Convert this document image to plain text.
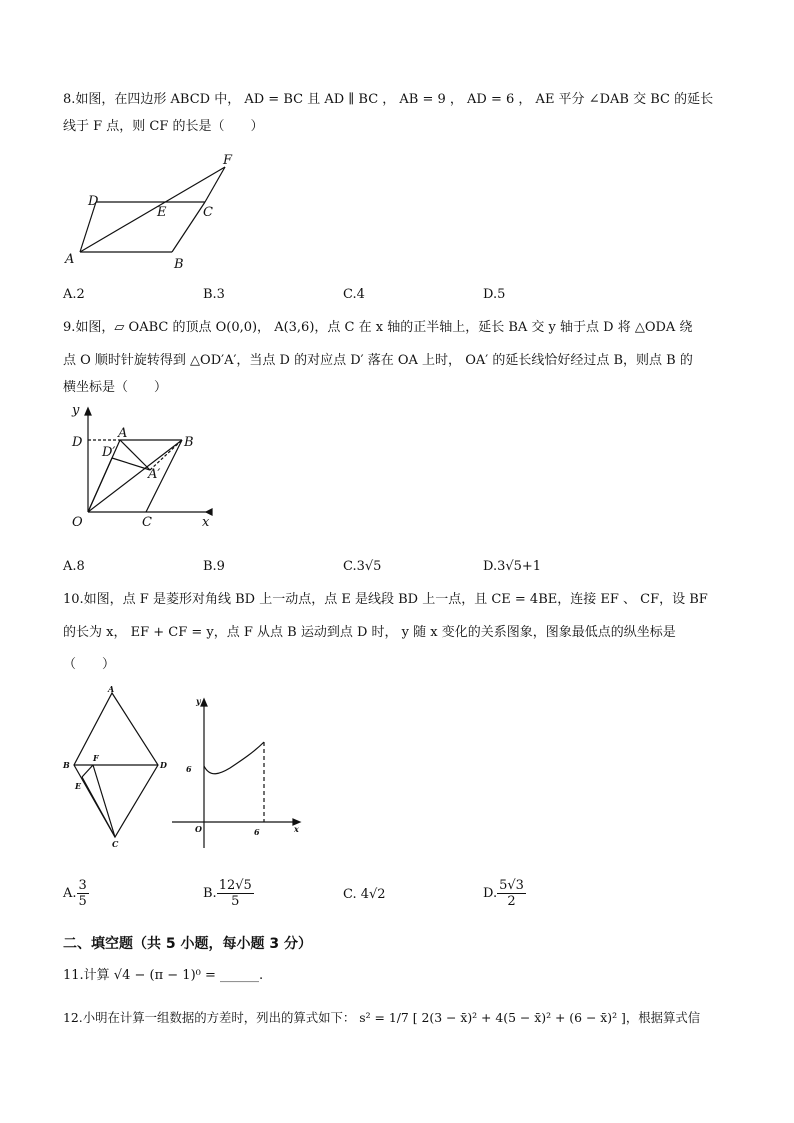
8.如图，在四边形 ABCD 中， AD = BC 且 AD ∥ BC ， AB = 9 ， AD = 6 ， AE 平分 ∠DAB 交 BC 的延长
线于 F 点，则 CF 的长是（　　）
F
D
E	C
A	B
A.2	B.3	C.4	D.5
9.如图，▱ OABC 的顶点 O(0,0)， A(3,6)，点 C 在 x 轴的正半轴上，延长 BA 交 y 轴于点 D 将 △ODA 绕
点 O 顺时针旋转得到 △OD′A′，当点 D 的对应点 D′ 落在 OA 上时， OA′ 的延长线恰好经过点 B，则点 B 的
横坐标是（　　）
y
D
A
B
D′
A′
O	C	x
A.8	B.9	C.3√5	D.3√5+1
10.如图，点 F 是菱形对角线 BD 上一动点，点 E 是线段 BD 上一点，且 CE = 4BE，连接 EF 、 CF，设 BF
的长为 x， EF + CF = y，点 F 从点 B 运动到点 D 时， y 随 x 变化的关系图象，图象最低点的纵坐标是
（　　）
A
B
F
D
E
C
y
6
O	6	x
A. $\frac{3}{5}$	B. $\frac{12√5}{5}$	C. 4√2	D. $\frac{5√3}{2}$
二、填空题（共 5 小题，每小题 3 分）
11.计算 √4 − (π − 1)⁰ = ______.
12.小明在计算一组数据的方差时，列出的算式如下： s² = 1/7 [ 2(3 − x̄)² + 4(5 − x̄)² + (6 − x̄)² ]，根据算式信
